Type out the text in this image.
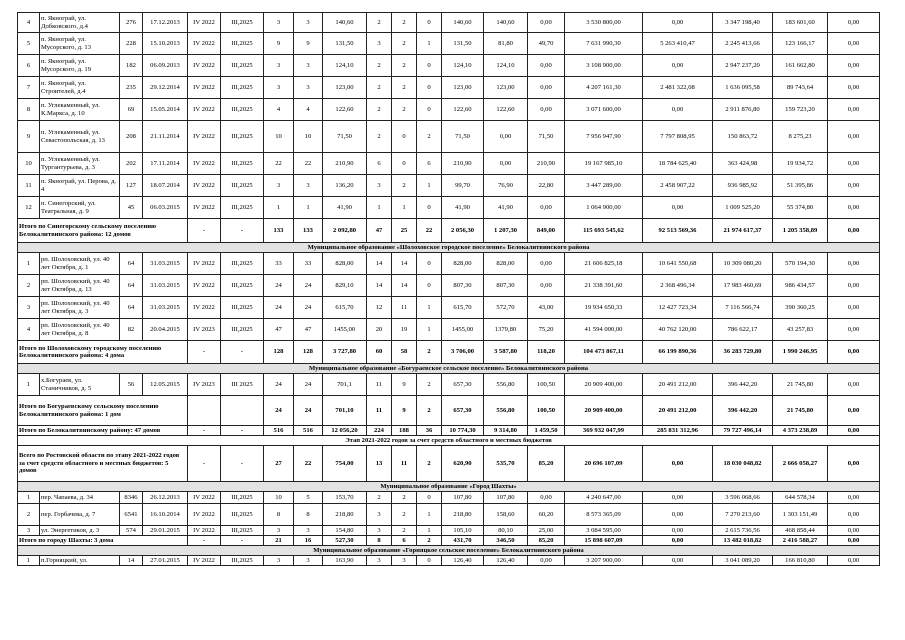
4	п. Якнограй, ул. Добковского, д.4	276	17.12.2013	IV 2022	III,2025	3	3	140,60	2	2	0	140,60	140,60	0,00	3 530 800,00	0,00	3 347 198,40	183 601,60	0,00
5	п. Якнограй, ул. Мусорского, д. 13	228	15.10.2013	IV 2022	III,2025	9	9	131,50	3	2	1	131,50	81,80	49,70	7 631 990,30	5 263 410,47	2 245 413,66	123 166,17	0,00
6	п. Якнограй, ул. Мусорского, д. 19	182	06.09.2013	IV 2022	III,2025	3	3	124,10	2	2	0	124,10	124,10	0,00	3 108 900,00	0,00	2 947 237,20	161 662,80	0,00
7	п. Якнограй, ул. Строителей, д.4	235	29.12.2014	IV 2022	III,2025	3	3	123,00	2	2	0	123,00	123,00	0,00	4 207 161,30	2 481 322,08	1 636 095,58	89 743,64	0,00
8	п. Углекаменный, ул. К.Маркса, д. 10	69	15.05.2014	IV 2022	III,2025	4	4	122,60	2	2	0	122,60	122,60	0,00	3 071 600,00	0,00	2 911 876,80	159 723,20	0,00
9	п. Углекаменный, ул. Севастопольская, д. 13	208	21.11.2014	IV 2022	III,2025	10	10	71,50	2	0	2	71,50	0,00	71,50	7 956 947,90	7 797 808,95	150 863,72	8 275,23	0,00
10	п. Углекаменный, ул. Тургантурьева, д. 3	202	17.11.2014	IV 2022	III,2025	22	22	210,90	6	0	6	210,90	0,00	210,90	19 167 985,10	18 784 625,40	363 424,98	19 934,72	0,00
11	п. Якнограй, ул. Перова, д. 4	127	18.07.2014	IV 2022	III,2025	3	3	136,20	3	2	1	99,70	76,90	22,80	3 447 289,00	2 458 907,22	936 985,92	51 395,86	0,00
12	п. Синегорский, ул. Театральная, д. 9	45	06.03.2015	IV 2022	III,2025	1	1	41,90	1	1	0	41,90	41,90	0,00	1 064 900,00	0,00	1 009 525,20	55 374,80	0,00
Итого по Синегорскому сельскому поселению Белокалитвинского района: 12 домов				-	-	133	133	2 092,80	47	25	22	2 056,30	1 207,30	849,00	115 693 545,62	92 513 569,36	21 974 617,37	1 205 358,89	0,00
Муниципальное образование «Шолоховское городское поселение» Белокалитвинского района																			
1	рп. Шолоховский, ул. 40 лет Октября, д. 1	64	31.03.2015	IV 2022	III,2025	33	33	828,00	14	14	0	828,00	828,00	0,00	21 606 825,18	10 641 550,68	10 309 080,20	570 194,30	0,00
2	рп. Шолоховский, ул. 40 лет Октября, д. 13	64	31.03.2015	IV 2022	III,2025	24	24	829,10	14	14	0	807,30	807,30	0,00	21 338 391,60	2 368 496,34	17 983 460,69	986 434,57	0,00
3	рп. Шолоховский, ул. 40 лет Октября, д. 3	64	31.03.2015	IV 2022	III,2025	24	24	615,70	12	11	1	615,70	572,70	43,00	19 934 650,33	12 427 723,34	7 116 566,74	390 360,25	0,00
4	рп. Шолоховский, ул. 40 лет Октября, д. 8	82	20.04.2015	IV 2023	III,2025	47	47	1455,00	20	19	1	1455,00	1379,80	75,20	41 594 000,00	40 762 120,00	786 622,17	43 257,83	0,00
Итого по Шолоховскому городскому поселению Белокалитвинского района: 4 дома				-	-	128	128	3 727,80	60	58	2	3 706,00	3 587,80	118,20	104 473 867,11	66 199 890,36	36 283 729,80	1 990 246,95	0,00
Муниципальное образование «Богураевское сельское поселение» Белокалитвинского района																			
1	х.Богураев, ул. Станичников, д. 5	56	12.05.2015	IV 2023	III 2025	24	24	701,1	11	9	2	657,30	556,80	100,50	20 909 400,00	20 491 212,00	396 442,20	21 745,80	0,00
Итого по Богураевскому сельскому поселению Белокалитвинского района: 1 дом						24	24	701,10	11	9	2	657,30	556,80	100,50	20 909 400,00	20 491 212,00	396 442,20	21 745,80	0,00
Итого по Белокалитвинскому району: 47 домов				-	-	516	516	12 056,20	224	188	36	10 774,30	9 314,80	1 459,50	369 932 047,99	285 831 312,96	79 727 496,14	4 373 238,89	0,00
Этап 2021-2022 годов за счет средств областного и местных бюджетов																			
Всего по Ростовской области по этапу 2021-2022 годов за счет средств областного и местных бюджетов: 5 домов				-	-	27	22	754,00	13	11	2	620,90	535,70	85,20	20 696 107,09	0,00	18 030 048,82	2 666 058,27	0,00
Муниципальное образование «Город Шахты»																			
1	пер. Чапаева, д. 34	8346	26.12.2013	IV 2022	III,2025	10	5	153,70	2	2	0	107,80	107,80	0,00	4 240 647,00	0,00	3 596 068,66	644 578,34	0,00
2	пер. Горбачева, д. 7	6541	16.10.2014	IV 2022	III,2025	8	8	218,80	3	2	1	218,80	158,60	60,20	8 573 365,09	0,00	7 270 213,60	1 303 151,49	0,00
3	ул. Энергетиков, д. 3	574	29.01.2015	IV 2022	III,2025	3	3	154,80	3	2	1	105,10	80,10	25,00	3 084 595,00	0,00	2 615 736,56	468 858,44	0,00
Итого по городу Шахты: 3 дома				-	-	21	16	527,30	8	6	2	431,70	346,50	85,20	15 898 607,09	0,00	13 482 018,82	2 416 588,27	0,00
Муниципальное образование «Горняцкое сельское поселение» Белокалитвинского района																			
1	п.Горняцкий, ул.	14	27.01.2015	IV 2022	III,2025	3	3	163,90	3	3	0	126,40	126,40	0,00	3 207 900,00	0,00	3 041 089,20	166 810,80	0,00
